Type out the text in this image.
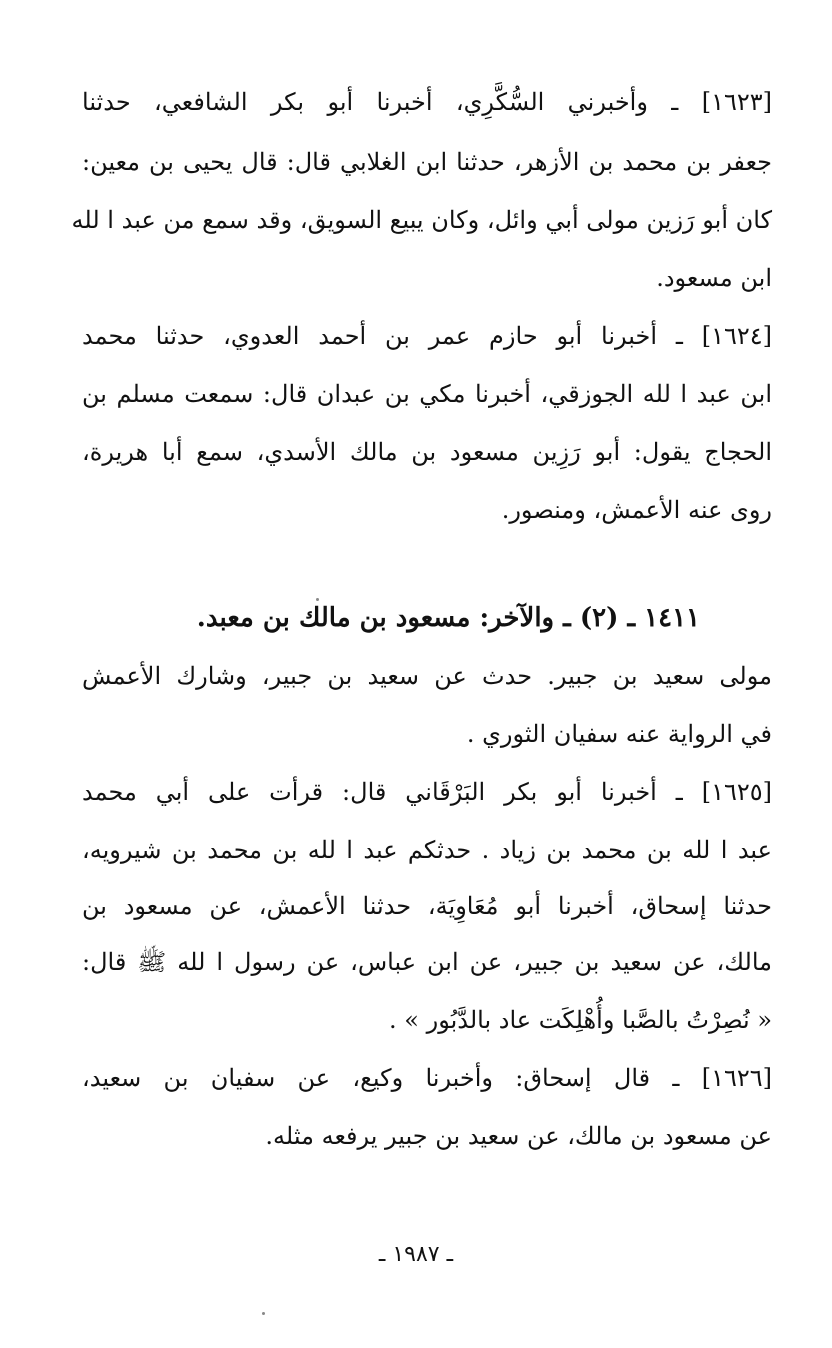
[١٦٢٣] ـ وأخبرني السُّكَّرِي، أخبرنا أبو بكر الشافعي، حدثنا
جعفر بن محمد بن الأزهر، حدثنا ابن الغلابي قال: قال يحيى بن معين:
كان أبو رَزين مولى أبي وائل، وكان يبيع السويق، وقد سمع من عبد ا لله
ابن مسعود.
[١٦٢٤] ـ أخبرنا أبو حازم عمر بن أحمد العدوي، حدثنا محمد
ابن عبد ا لله الجوزقي، أخبرنا مكي بن عبدان قال: سمعت مسلم بن
الحجاج يقول: أبو رَزِين مسعود بن مالك الأسدي، سمع أبا هريرة،
روى عنه الأعمش، ومنصور.
١٤١١ ـ (٢) ـ والآخر: مسعود بن مالك بن معبد.
مولى سعيد بن جبير. حدث عن سعيد بن جبير، وشارك الأعمش
في الرواية عنه سفيان الثوري .
[١٦٢٥] ـ أخبرنا أبو بكر البَرْقَاني قال: قرأت على أبي محمد
عبد ا لله بن محمد بن زياد . حدثكم عبد ا لله بن محمد بن شيرويه،
حدثنا إسحاق، أخبرنا أبو مُعَاوِيَة، حدثنا الأعمش، عن مسعود بن
مالك، عن سعيد بن جبير، عن ابن عباس، عن رسول ا لله ﷺ قال:
« نُصِرْتُ بالصَّبا وأُهْلِكَت عاد بالدَّبُور » .
[١٦٢٦] ـ قال إسحاق: وأخبرنا وكيع، عن سفيان بن سعيد،
عن مسعود بن مالك، عن سعيد بن جبير يرفعه مثله.
ـ ١٩٨٧ ـ
